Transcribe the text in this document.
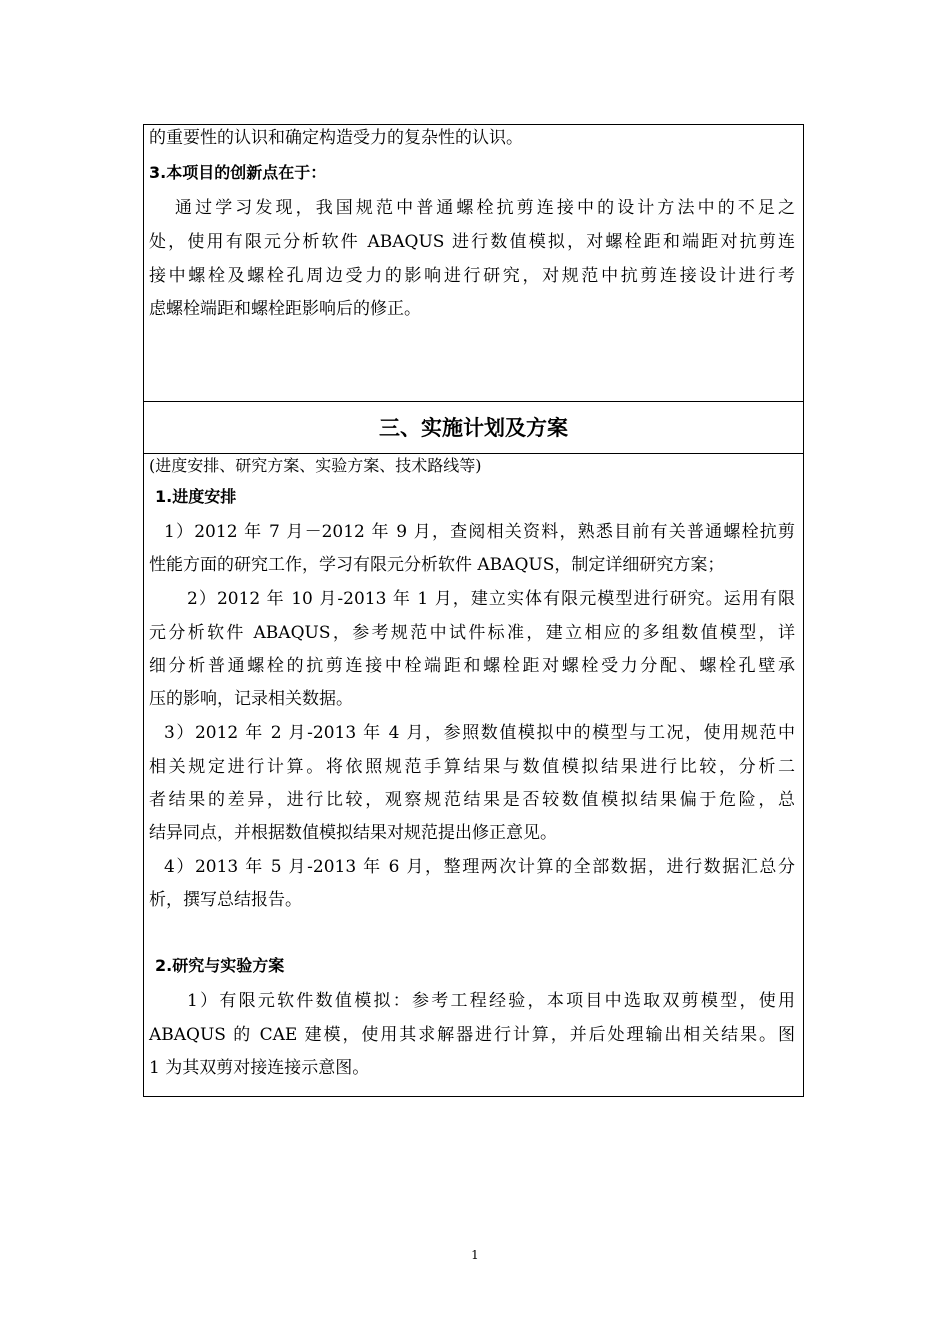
的重要性的认识和确定构造受力的复杂性的认识。
3.本项目的创新点在于：
通过学习发现，我国规范中普通螺栓抗剪连接中的设计方法中的不足之
处，使用有限元分析软件 ABAQUS 进行数值模拟，对螺栓距和端距对抗剪连
接中螺栓及螺栓孔周边受力的影响进行研究，对规范中抗剪连接设计进行考
虑螺栓端距和螺栓距影响后的修正。
三、实施计划及方案
(进度安排、研究方案、实验方案、技术路线等)
1.进度安排
1）2012 年 7 月－2012 年 9 月，查阅相关资料，熟悉目前有关普通螺栓抗剪
性能方面的研究工作，学习有限元分析软件 ABAQUS，制定详细研究方案；
2）2012 年 10 月-2013 年 1 月，建立实体有限元模型进行研究。运用有限
元分析软件 ABAQUS，参考规范中试件标准，建立相应的多组数值模型，详
细分析普通螺栓的抗剪连接中栓端距和螺栓距对螺栓受力分配、螺栓孔壁承
压的影响，记录相关数据。
3）2012 年 2 月-2013 年 4 月，参照数值模拟中的模型与工况，使用规范中
相关规定进行计算。将依照规范手算结果与数值模拟结果进行比较，分析二
者结果的差异，进行比较，观察规范结果是否较数值模拟结果偏于危险，总
结异同点，并根据数值模拟结果对规范提出修正意见。
4）2013 年 5 月-2013 年 6 月，整理两次计算的全部数据，进行数据汇总分
析，撰写总结报告。
2.研究与实验方案
1）有限元软件数值模拟：参考工程经验，本项目中选取双剪模型，使用
ABAQUS 的 CAE 建模，使用其求解器进行计算，并后处理输出相关结果。图
1 为其双剪对接连接示意图。
1
